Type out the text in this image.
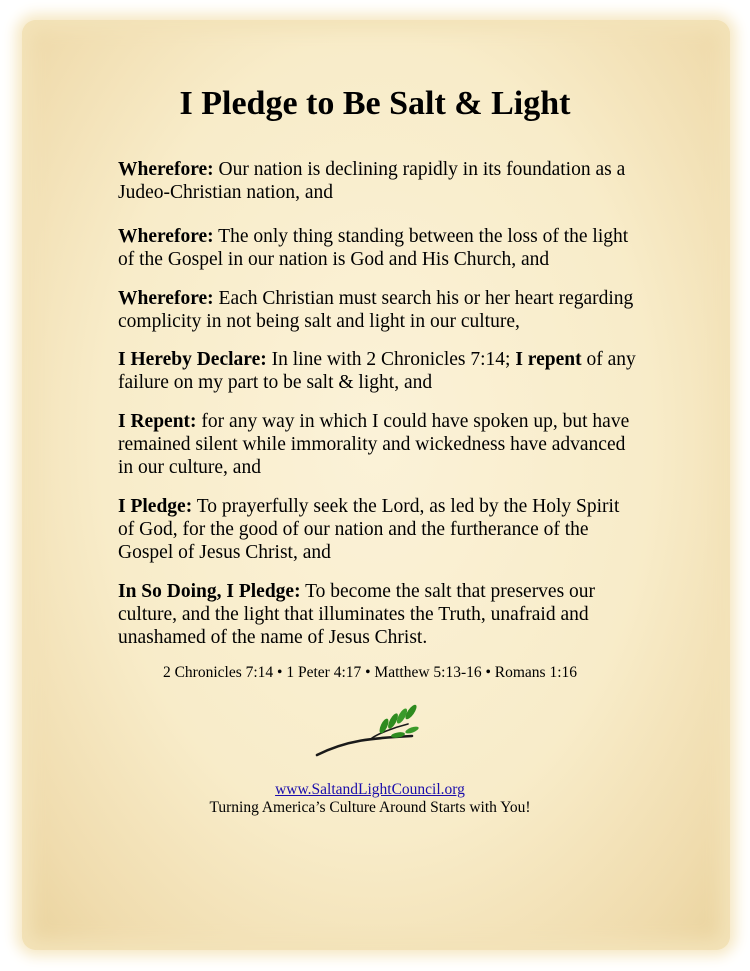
I Pledge to Be Salt & Light
Wherefore: Our nation is declining rapidly in its foundation as a Judeo-Christian nation, and
Wherefore: The only thing standing between the loss of the light of the Gospel in our nation is God and His Church, and
Wherefore: Each Christian must search his or her heart regarding complicity in not being salt and light in our culture,
I Hereby Declare: In line with 2 Chronicles 7:14; I repent of any failure on my part to be salt & light, and
I Repent: for any way in which I could have spoken up, but have remained silent while immorality and wickedness have advanced in our culture, and
I Pledge: To prayerfully seek the Lord, as led by the Holy Spirit of God, for the good of our nation and the furtherance of the Gospel of Jesus Christ, and
In So Doing, I Pledge: To become the salt that preserves our culture, and the light that illuminates the Truth, unafraid and unashamed of the name of Jesus Christ.
2 Chronicles 7:14 • 1 Peter 4:17 • Matthew 5:13-16 • Romans 1:16
www.SaltandLightCouncil.org
Turning America’s Culture Around Starts with You!
